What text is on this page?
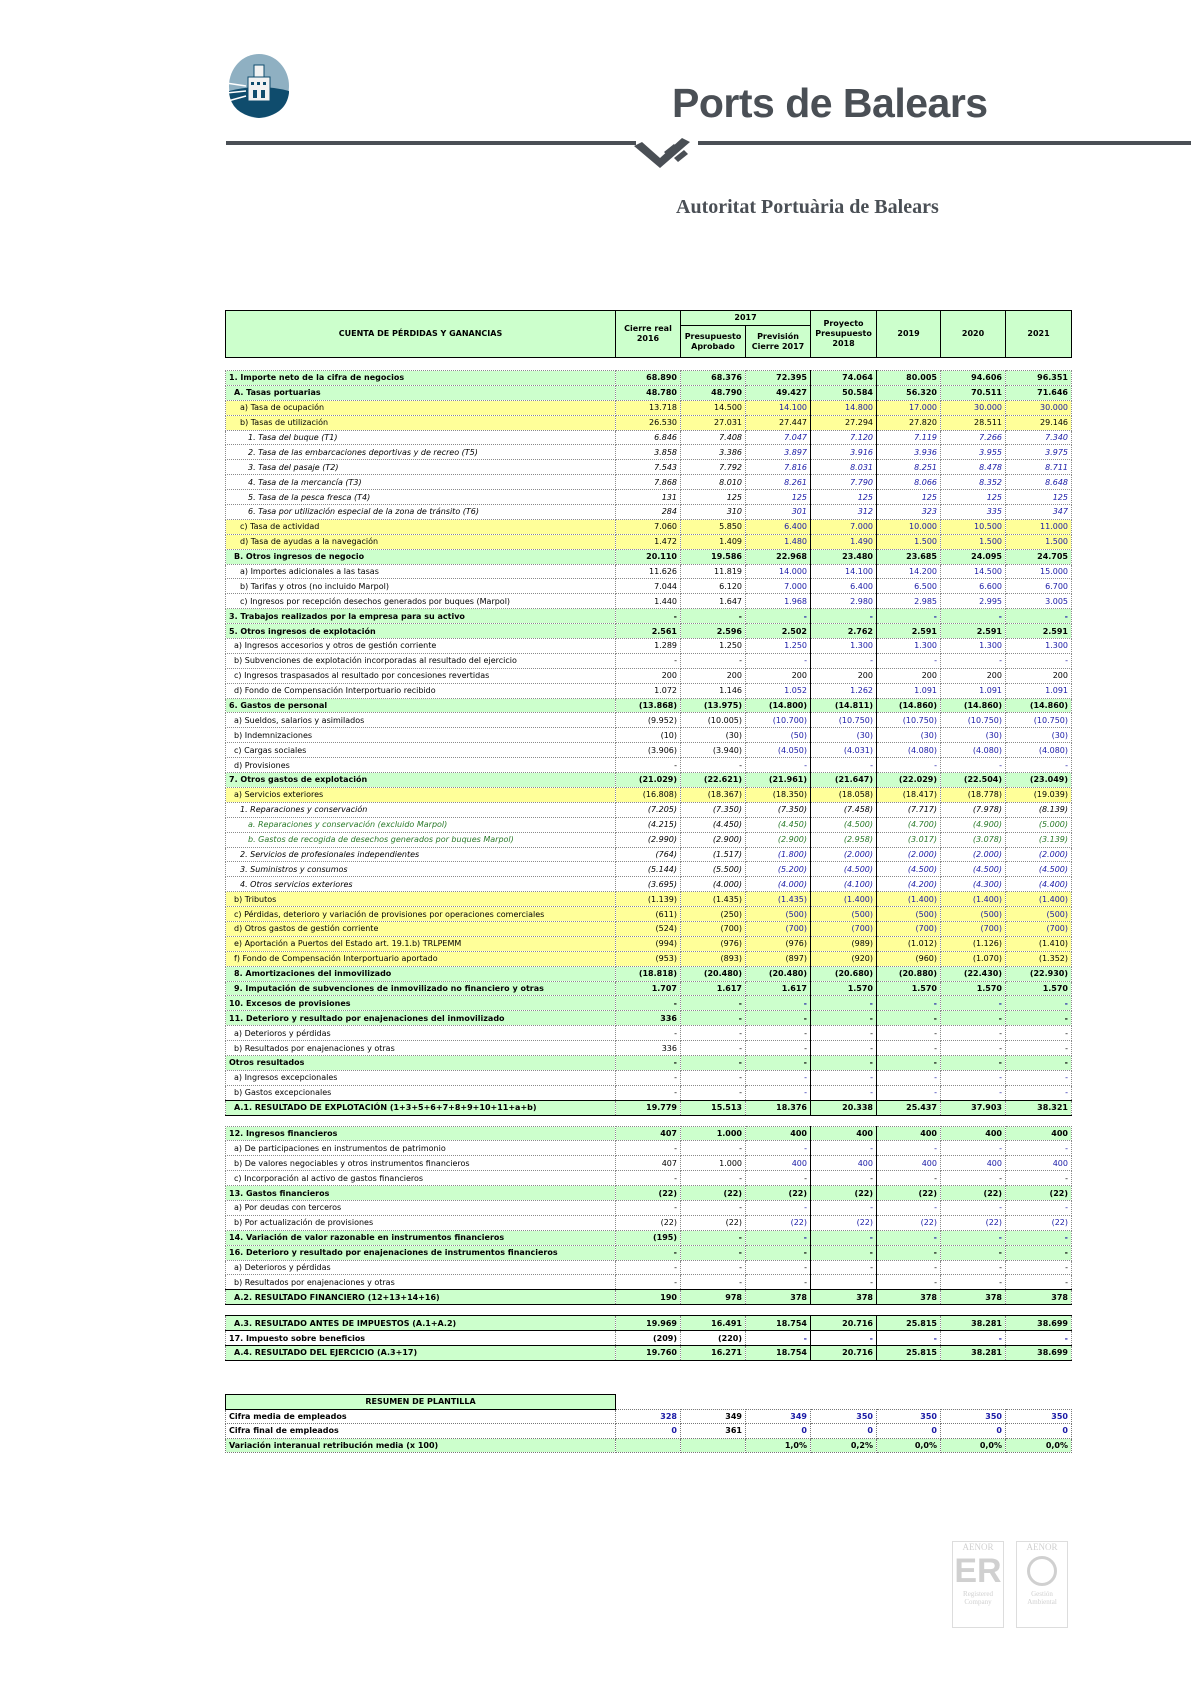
Ports de Balears
Autoritat Portuària de Balears
CUENTA DE PÉRDIDAS Y GANANCIAS	Cierre real 2016	2017		Proyecto Presupuesto 2018	2019	2020	2021
		Presupuesto Aprobado	Previsión Cierre 2017				
1. Importe neto de la cifra de negocios	68.890	68.376	72.395	74.064	80.005	94.606	96.351
A. Tasas portuarias	48.780	48.790	49.427	50.584	56.320	70.511	71.646
a) Tasa de ocupación	13.718	14.500	14.100	14.800	17.000	30.000	30.000
b) Tasas de utilización	26.530	27.031	27.447	27.294	27.820	28.511	29.146
1. Tasa del buque (T1)	6.846	7.408	7.047	7.120	7.119	7.266	7.340
2. Tasa de las embarcaciones deportivas y de recreo (T5)	3.858	3.386	3.897	3.916	3.936	3.955	3.975
3. Tasa del pasaje (T2)	7.543	7.792	7.816	8.031	8.251	8.478	8.711
4. Tasa de la mercancía (T3)	7.868	8.010	8.261	7.790	8.066	8.352	8.648
5. Tasa de la pesca fresca (T4)	131	125	125	125	125	125	125
6. Tasa por utilización especial de la zona de tránsito (T6)	284	310	301	312	323	335	347
c) Tasa de actividad	7.060	5.850	6.400	7.000	10.000	10.500	11.000
d) Tasa de ayudas a la navegación	1.472	1.409	1.480	1.490	1.500	1.500	1.500
B. Otros ingresos de negocio	20.110	19.586	22.968	23.480	23.685	24.095	24.705
a) Importes adicionales a las tasas	11.626	11.819	14.000	14.100	14.200	14.500	15.000
b) Tarifas y otros (no incluido Marpol)	7.044	6.120	7.000	6.400	6.500	6.600	6.700
c) Ingresos por recepción desechos generados por buques (Marpol)	1.440	1.647	1.968	2.980	2.985	2.995	3.005
3. Trabajos realizados por la empresa para su activo	-	-	-	-	-	-	-
5. Otros ingresos de explotación	2.561	2.596	2.502	2.762	2.591	2.591	2.591
a) Ingresos accesorios y otros de gestión corriente	1.289	1.250	1.250	1.300	1.300	1.300	1.300
b) Subvenciones de explotación incorporadas al resultado del ejercicio	-	-	-	-	-	-	-
c) Ingresos traspasados al resultado por concesiones revertidas	200	200	200	200	200	200	200
d) Fondo de Compensación Interportuario recibido	1.072	1.146	1.052	1.262	1.091	1.091	1.091
6. Gastos de personal	(13.868)	(13.975)	(14.800)	(14.811)	(14.860)	(14.860)	(14.860)
a) Sueldos, salarios y asimilados	(9.952)	(10.005)	(10.700)	(10.750)	(10.750)	(10.750)	(10.750)
b) Indemnizaciones	(10)	(30)	(50)	(30)	(30)	(30)	(30)
c) Cargas sociales	(3.906)	(3.940)	(4.050)	(4.031)	(4.080)	(4.080)	(4.080)
d) Provisiones	-	-	-	-	-	-	-
7. Otros gastos de explotación	(21.029)	(22.621)	(21.961)	(21.647)	(22.029)	(22.504)	(23.049)
a) Servicios exteriores	(16.808)	(18.367)	(18.350)	(18.058)	(18.417)	(18.778)	(19.039)
1. Reparaciones y conservación	(7.205)	(7.350)	(7.350)	(7.458)	(7.717)	(7.978)	(8.139)
a. Reparaciones y conservación (excluido Marpol)	(4.215)	(4.450)	(4.450)	(4.500)	(4.700)	(4.900)	(5.000)
b. Gastos de recogida de desechos generados por buques Marpol)	(2.990)	(2.900)	(2.900)	(2.958)	(3.017)	(3.078)	(3.139)
2. Servicios de profesionales independientes	(764)	(1.517)	(1.800)	(2.000)	(2.000)	(2.000)	(2.000)
3. Suministros y consumos	(5.144)	(5.500)	(5.200)	(4.500)	(4.500)	(4.500)	(4.500)
4. Otros servicios exteriores	(3.695)	(4.000)	(4.000)	(4.100)	(4.200)	(4.300)	(4.400)
b) Tributos	(1.139)	(1.435)	(1.435)	(1.400)	(1.400)	(1.400)	(1.400)
c) Pérdidas, deterioro y variación de provisiones por operaciones comerciales	(611)	(250)	(500)	(500)	(500)	(500)	(500)
d) Otros gastos de gestión corriente	(524)	(700)	(700)	(700)	(700)	(700)	(700)
e) Aportación a Puertos del Estado art. 19.1.b) TRLPEMM	(994)	(976)	(976)	(989)	(1.012)	(1.126)	(1.410)
f) Fondo de Compensación Interportuario aportado	(953)	(893)	(897)	(920)	(960)	(1.070)	(1.352)
8. Amortizaciones del inmovilizado	(18.818)	(20.480)	(20.480)	(20.680)	(20.880)	(22.430)	(22.930)
9. Imputación de subvenciones de inmovilizado no financiero y otras	1.707	1.617	1.617	1.570	1.570	1.570	1.570
10. Excesos de provisiones	-	-	-	-	-	-	-
11. Deterioro y resultado por enajenaciones del inmovilizado	336	-	-	-	-	-	-
a) Deterioros y pérdidas	-	-	-	-	-	-	-
b) Resultados por enajenaciones y otras	336	-	-	-	-	-	-
Otros resultados	-	-	-	-	-	-	-
a) Ingresos excepcionales	-	-	-	-	-	-	-
b) Gastos excepcionales	-	-	-	-	-	-	-
A.1. RESULTADO DE EXPLOTACIÓN (1+3+5+6+7+8+9+10+11+a+b)	19.779	15.513	18.376	20.338	25.437	37.903	38.321

12. Ingresos financieros	407	1.000	400	400	400	400	400
a) De participaciones en instrumentos de patrimonio	-	-	-	-	-	-	-
b) De valores negociables y otros instrumentos financieros	407	1.000	400	400	400	400	400
c) Incorporación al activo de gastos financieros	-	-	-	-	-	-	-
13. Gastos financieros	(22)	(22)	(22)	(22)	(22)	(22)	(22)
a) Por deudas con terceros	-	-	-	-	-	-	-
b) Por actualización de provisiones	(22)	(22)	(22)	(22)	(22)	(22)	(22)
14. Variación de valor razonable en instrumentos financieros	(195)	-	-	-	-	-	-
16. Deterioro y resultado por enajenaciones de instrumentos financieros	-	-	-	-	-	-	-
a) Deterioros y pérdidas	-	-	-	-	-	-	-
b) Resultados por enajenaciones y otras	-	-	-	-	-	-	-
A.2. RESULTADO FINANCIERO (12+13+14+16)	190	978	378	378	378	378	378

A.3. RESULTADO ANTES DE IMPUESTOS (A.1+A.2)	19.969	16.491	18.754	20.716	25.815	38.281	38.699
17. Impuesto sobre beneficios	(209)	(220)	-	-	-	-	-
A.4. RESULTADO DEL EJERCICIO (A.3+17)	19.760	16.271	18.754	20.716	25.815	38.281	38.699
RESUMEN DE PLANTILLA							
Cifra media de empleados	328	349	349	350	350	350	350
Cifra final de empleados	0	361	0	0	0	0	0
Variación interanual retribución media (x 100)			1,0%	0,2%	0,0%	0,0%	0,0%
AENOR
ER
Registered Company
AENOR
Gestión Ambiental
